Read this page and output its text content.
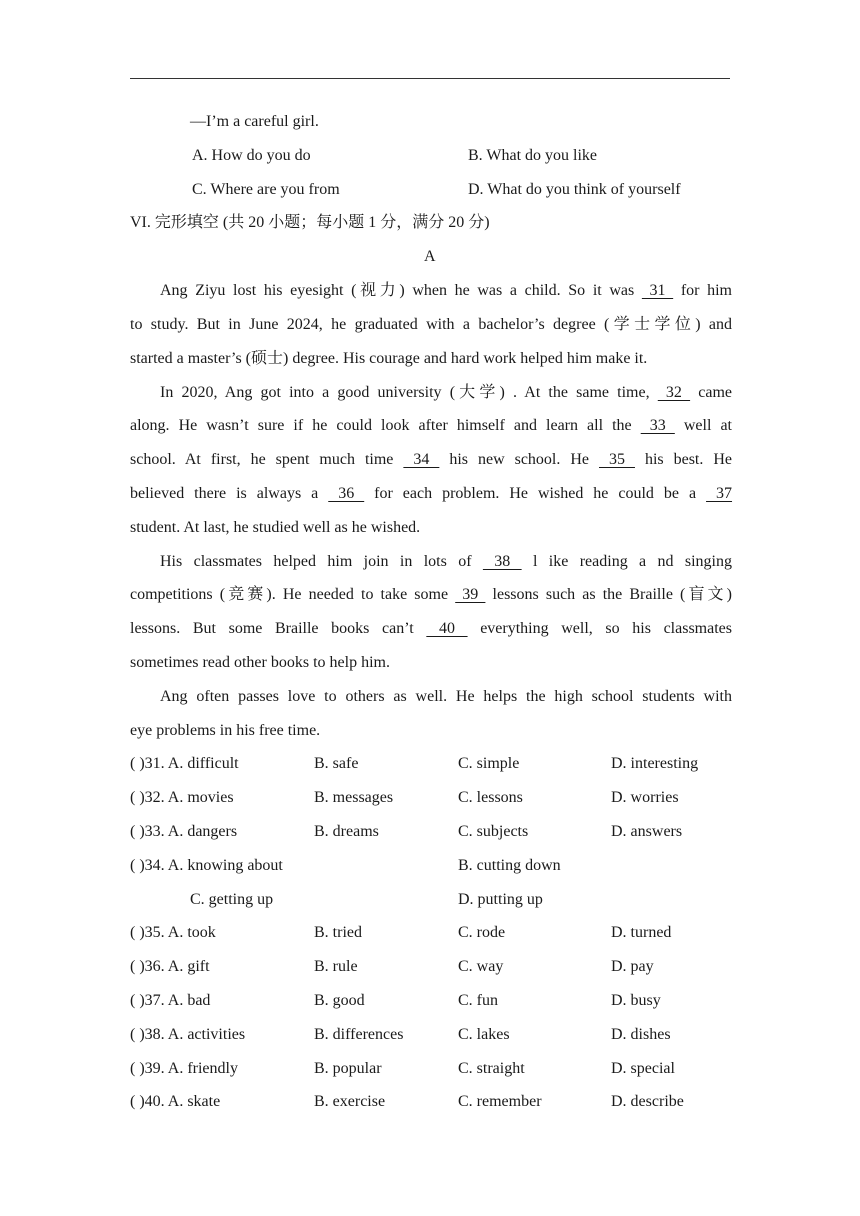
—I’m a careful girl.
A. How do you do	B. What do you like
C. Where are you from	D. What do you think of yourself
VI. 完形填空 (共 20 小题；每小题 1 分，满分 20 分)
A
Ang Ziyu lost his eyesight (视力) when he was a child. So it was  31  for him
to study. But in June 2024, he graduated with a bachelor’s degree (学士学位) and
started a master’s (硕士) degree. His courage and hard work helped him make it.
In 2020, Ang got into a good university (大学) . At the same time,  32  came
along. He wasn’t sure if he could look after himself and learn all the  33  well at
school. At first, he spent much time  34  his new school. He  35  his best. He
believed there is always a  36  for each problem. He wished he could be a  37
student. At last, he studied well as he wished.
His classmates helped him join in lots of  38  l ike reading a nd singing
competitions (竞赛). He needed to take some  39  lessons such as the Braille (盲文)
lessons. But some Braille books can’t  40  everything well, so his classmates
sometimes read other books to help him.
Ang often passes love to others as well. He helps the high school students with
eye problems in his free time.
( )31. A. difficult	B. safe	C. simple	D. interesting
( )32. A. movies	B. messages	C. lessons	D. worries
( )33. A. dangers	B. dreams	C. subjects	D. answers
( )34. A. knowing about	B. cutting down
C. getting up	D. putting up
( )35. A. took	B. tried	C. rode	D. turned
( )36. A. gift	B. rule	C. way	D. pay
( )37. A. bad	B. good	C. fun	D. busy
( )38. A. activities	B. differences	C. lakes	D. dishes
( )39. A. friendly	B. popular	C. straight	D. special
( )40. A. skate	B. exercise	C. remember	D. describe
